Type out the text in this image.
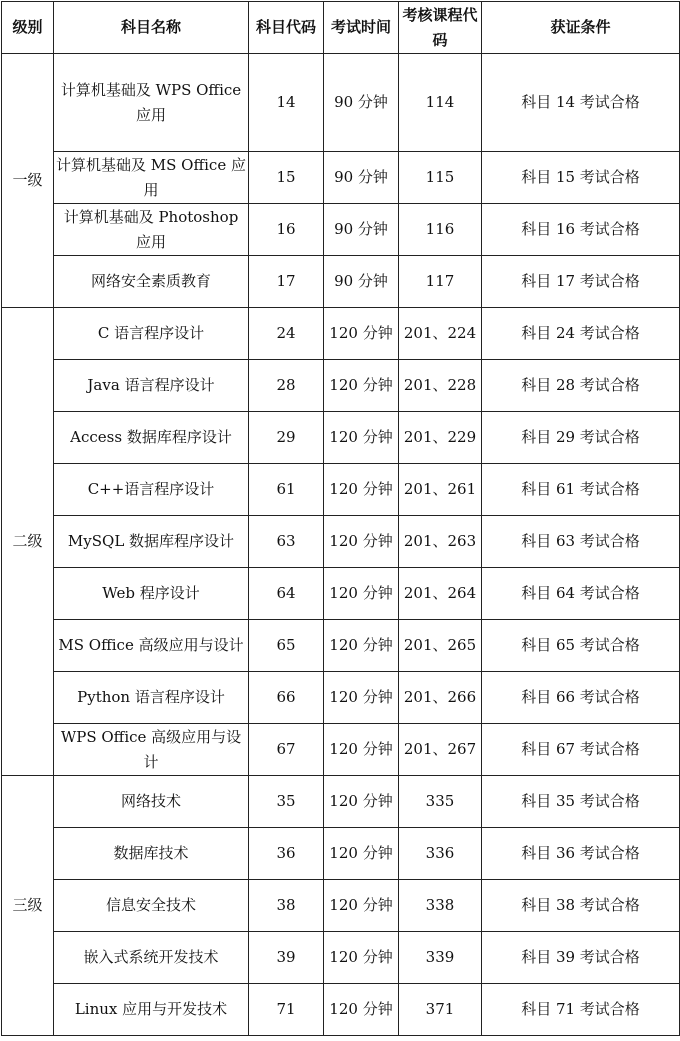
级别	科目名称	科目代码	考试时间	考核课程代码	获证条件
一级	计算机基础及 WPS Office 应用	14	90 分钟	114	科目 14 考试合格
	计算机基础及 MS Office 应用	15	90 分钟	115	科目 15 考试合格
	计算机基础及 Photoshop 应用	16	90 分钟	116	科目 16 考试合格
	网络安全素质教育	17	90 分钟	117	科目 17 考试合格
二级	C 语言程序设计	24	120 分钟	201、224	科目 24 考试合格
	Java 语言程序设计	28	120 分钟	201、228	科目 28 考试合格
	Access 数据库程序设计	29	120 分钟	201、229	科目 29 考试合格
	C++语言程序设计	61	120 分钟	201、261	科目 61 考试合格
	MySQL 数据库程序设计	63	120 分钟	201、263	科目 63 考试合格
	Web 程序设计	64	120 分钟	201、264	科目 64 考试合格
	MS Office 高级应用与设计	65	120 分钟	201、265	科目 65 考试合格
	Python 语言程序设计	66	120 分钟	201、266	科目 66 考试合格
	WPS Office 高级应用与设计	67	120 分钟	201、267	科目 67 考试合格
三级	网络技术	35	120 分钟	335	科目 35 考试合格
	数据库技术	36	120 分钟	336	科目 36 考试合格
	信息安全技术	38	120 分钟	338	科目 38 考试合格
	嵌入式系统开发技术	39	120 分钟	339	科目 39 考试合格
	Linux 应用与开发技术	71	120 分钟	371	科目 71 考试合格
